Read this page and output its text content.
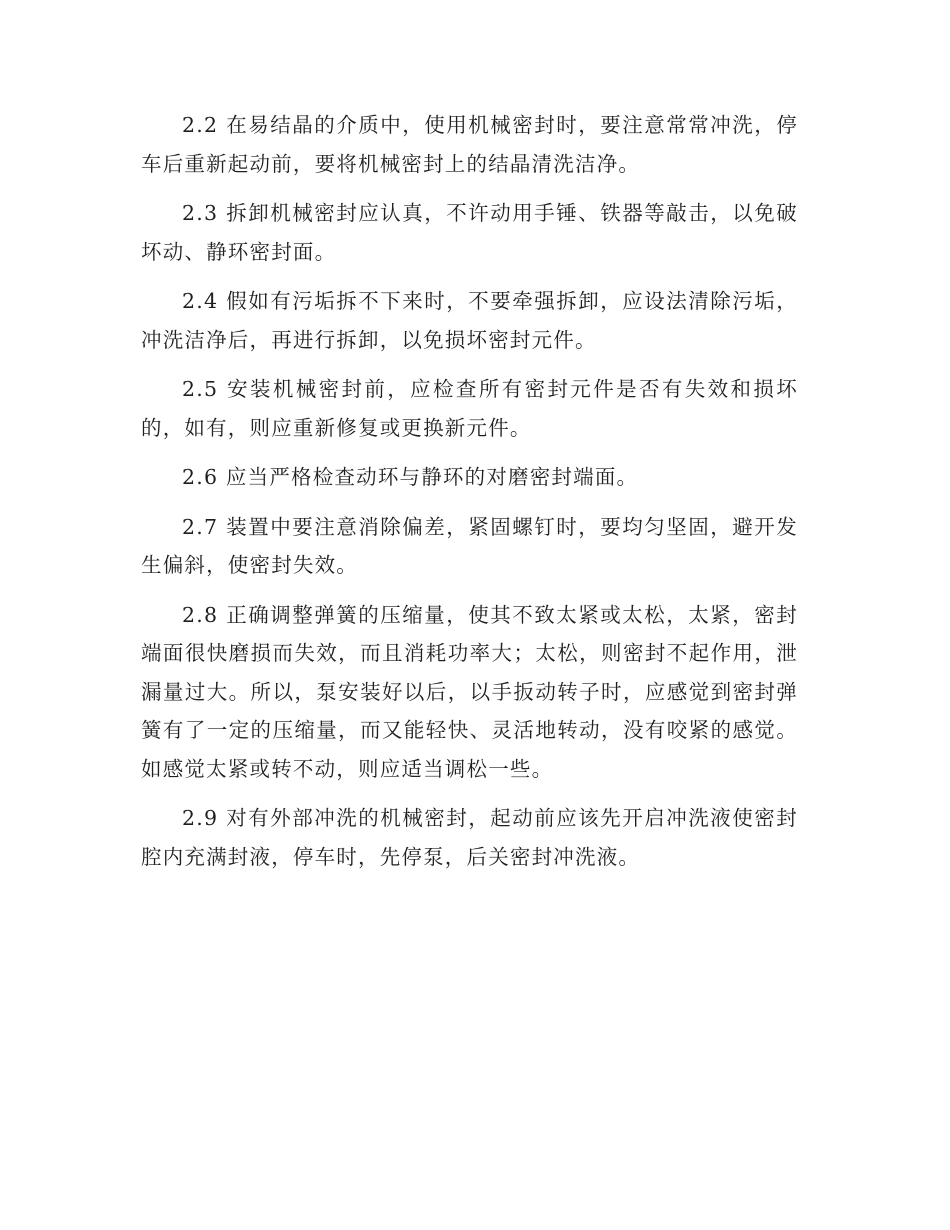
2.2 在易结晶的介质中，使用机械密封时，要注意常常冲洗，停车后重新起动前，要将机械密封上的结晶清洗洁净。

2.3 拆卸机械密封应认真，不许动用手锤、铁器等敲击，以免破坏动、静环密封面。

2.4 假如有污垢拆不下来时，不要牵强拆卸，应设法清除污垢，冲洗洁净后，再进行拆卸，以免损坏密封元件。

2.5 安装机械密封前，应检查所有密封元件是否有失效和损坏的，如有，则应重新修复或更换新元件。

2.6 应当严格检查动环与静环的对磨密封端面。

2.7 装置中要注意消除偏差，紧固螺钉时，要均匀坚固，避开发生偏斜，使密封失效。

2.8 正确调整弹簧的压缩量，使其不致太紧或太松，太紧，密封端面很快磨损而失效，而且消耗功率大；太松，则密封不起作用，泄漏量过大。所以，泵安装好以后，以手扳动转子时，应感觉到密封弹簧有了一定的压缩量，而又能轻快、灵活地转动，没有咬紧的感觉。如感觉太紧或转不动，则应适当调松一些。

2.9 对有外部冲洗的机械密封，起动前应该先开启冲洗液使密封腔内充满封液，停车时，先停泵，后关密封冲洗液。
